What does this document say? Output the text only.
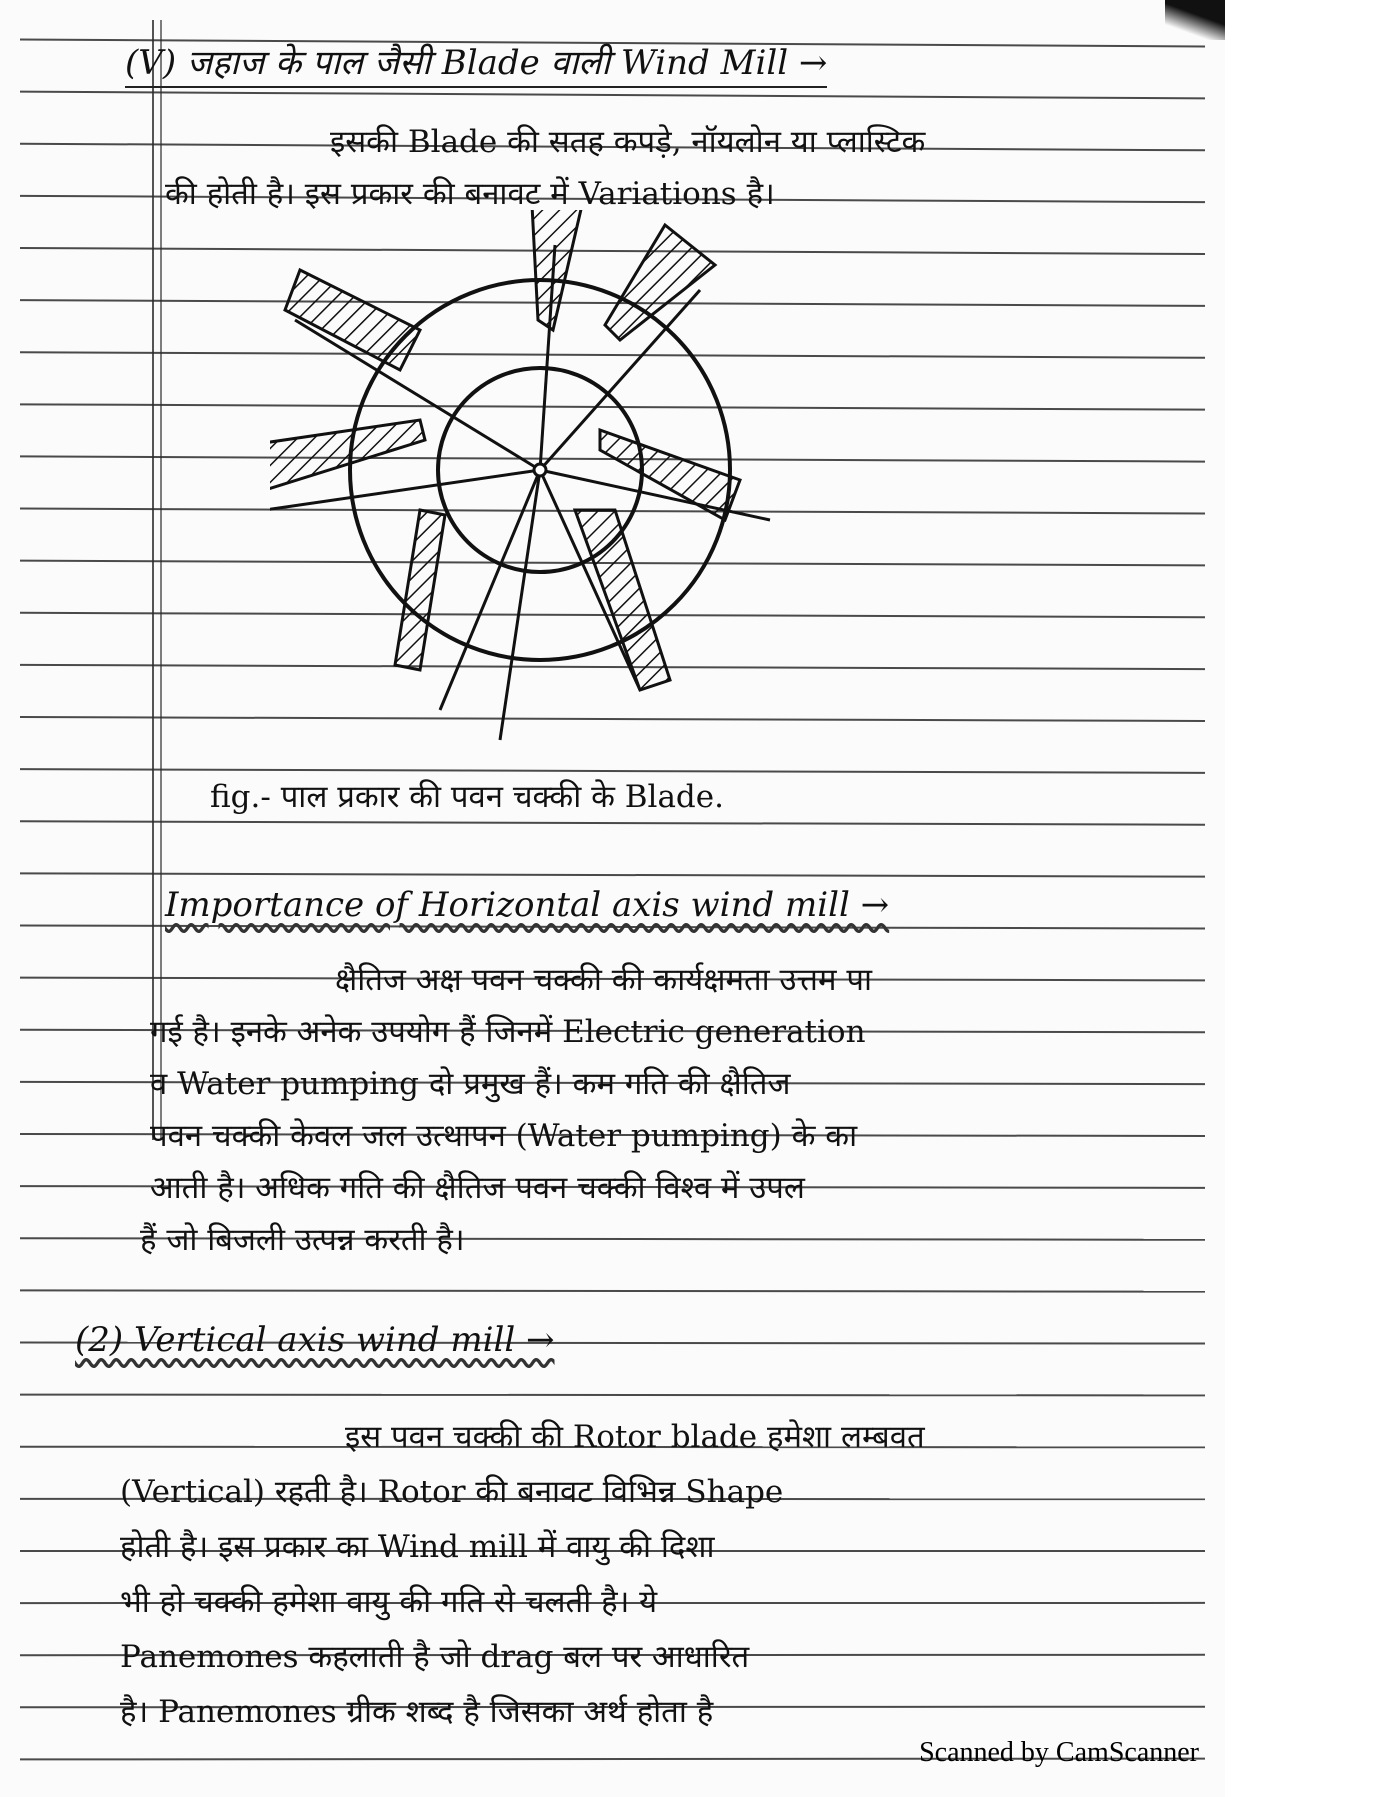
(V) जहाज के पाल जैसी Blade वाली Wind Mill →
इसकी Blade की सतह कपड़े, नॉयलोन या प्लास्टिक
की होती है। इस प्रकार की बनावट में Variations है।
fig.- पाल प्रकार की पवन चक्की के Blade.
Importance of Horizontal axis wind mill →
क्षैतिज अक्ष पवन चक्की की कार्यक्षमता उत्तम पा
गई है। इनके अनेक उपयोग हैं जिनमें Electric generation
व Water pumping दो प्रमुख हैं। कम गति की क्षैतिज
पवन चक्की केवल जल उत्थापन (Water pumping) के का
आती है। अधिक गति की क्षैतिज पवन चक्की विश्व में उपल
हैं जो बिजली उत्पन्न करती है।
(2) Vertical axis wind mill →
इस पवन चक्की की Rotor blade हमेशा लम्बवत
(Vertical) रहती है। Rotor की बनावट विभिन्न Shape
होती है। इस प्रकार का Wind mill में वायु की दिशा
भी हो चक्की हमेशा वायु की गति से चलती है। ये
Panemones कहलाती है जो drag बल पर आधारित
है। Panemones ग्रीक शब्द है जिसका अर्थ होता है
Scanned by CamScanner
